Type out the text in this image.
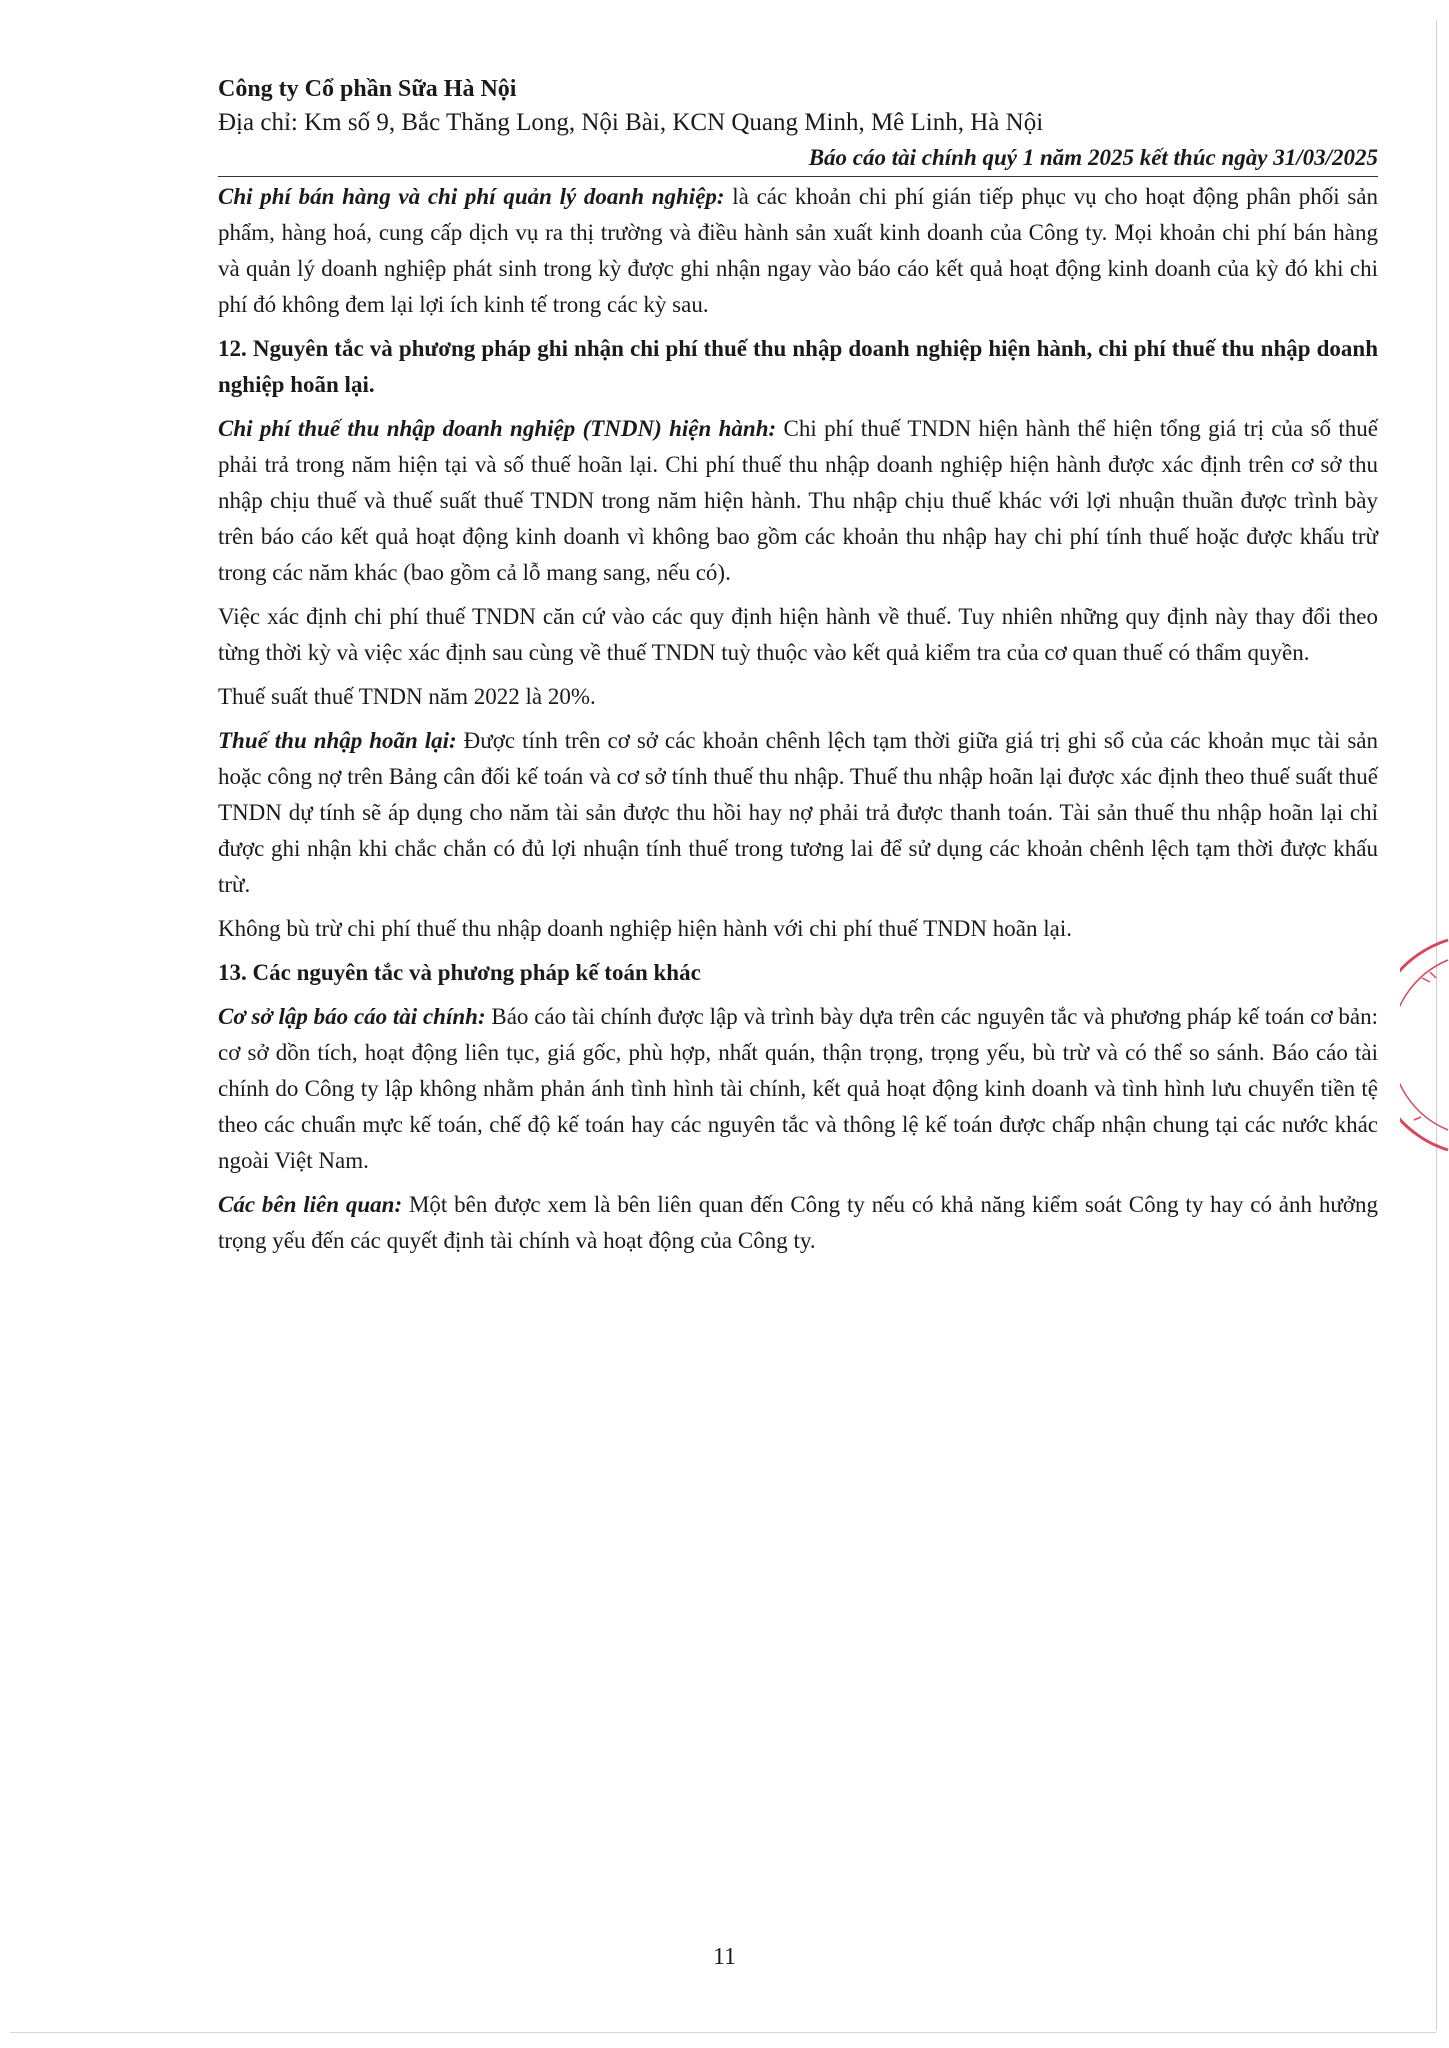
Công ty Cổ phần Sữa Hà Nội

Địa chỉ: Km số 9, Bắc Thăng Long, Nội Bài, KCN Quang Minh, Mê Linh, Hà Nội

Báo cáo tài chính quý 1 năm 2025 kết thúc ngày 31/03/2025

Chi phí bán hàng và chi phí quản lý doanh nghiệp: là các khoản chi phí gián tiếp phục vụ cho hoạt động phân phối sản phẩm, hàng hoá, cung cấp dịch vụ ra thị trường và điều hành sản xuất kinh doanh của Công ty. Mọi khoản chi phí bán hàng và quản lý doanh nghiệp phát sinh trong kỳ được ghi nhận ngay vào báo cáo kết quả hoạt động kinh doanh của kỳ đó khi chi phí đó không đem lại lợi ích kinh tế trong các kỳ sau.

12. Nguyên tắc và phương pháp ghi nhận chi phí thuế thu nhập doanh nghiệp hiện hành, chi phí thuế thu nhập doanh nghiệp hoãn lại.

Chi phí thuế thu nhập doanh nghiệp (TNDN) hiện hành: Chi phí thuế TNDN hiện hành thể hiện tổng giá trị của số thuế phải trả trong năm hiện tại và số thuế hoãn lại. Chi phí thuế thu nhập doanh nghiệp hiện hành được xác định trên cơ sở thu nhập chịu thuế và thuế suất thuế TNDN trong năm hiện hành. Thu nhập chịu thuế khác với lợi nhuận thuần được trình bày trên báo cáo kết quả hoạt động kinh doanh vì không bao gồm các khoản thu nhập hay chi phí tính thuế hoặc được khấu trừ trong các năm khác (bao gồm cả lỗ mang sang, nếu có).

Việc xác định chi phí thuế TNDN căn cứ vào các quy định hiện hành về thuế. Tuy nhiên những quy định này thay đổi theo từng thời kỳ và việc xác định sau cùng về thuế TNDN tuỳ thuộc vào kết quả kiểm tra của cơ quan thuế có thẩm quyền.

Thuế suất thuế TNDN năm 2022 là 20%.

Thuế thu nhập hoãn lại: Được tính trên cơ sở các khoản chênh lệch tạm thời giữa giá trị ghi sổ của các khoản mục tài sản hoặc công nợ trên Bảng cân đối kế toán và cơ sở tính thuế thu nhập. Thuế thu nhập hoãn lại được xác định theo thuế suất thuế TNDN dự tính sẽ áp dụng cho năm tài sản được thu hồi hay nợ phải trả được thanh toán. Tài sản thuế thu nhập hoãn lại chỉ được ghi nhận khi chắc chắn có đủ lợi nhuận tính thuế trong tương lai để sử dụng các khoản chênh lệch tạm thời được khấu trừ.

Không bù trừ chi phí thuế thu nhập doanh nghiệp hiện hành với chi phí thuế TNDN hoãn lại.

13. Các nguyên tắc và phương pháp kế toán khác

Cơ sở lập báo cáo tài chính: Báo cáo tài chính được lập và trình bày dựa trên các nguyên tắc và phương pháp kế toán cơ bản: cơ sở dồn tích, hoạt động liên tục, giá gốc, phù hợp, nhất quán, thận trọng, trọng yếu, bù trừ và có thể so sánh. Báo cáo tài chính do Công ty lập không nhằm phản ánh tình hình tài chính, kết quả hoạt động kinh doanh và tình hình lưu chuyển tiền tệ theo các chuẩn mực kế toán, chế độ kế toán hay các nguyên tắc và thông lệ kế toán được chấp nhận chung tại các nước khác ngoài Việt Nam.

Các bên liên quan: Một bên được xem là bên liên quan đến Công ty nếu có khả năng kiểm soát Công ty hay có ảnh hưởng trọng yếu đến các quyết định tài chính và hoạt động của Công ty.

11
